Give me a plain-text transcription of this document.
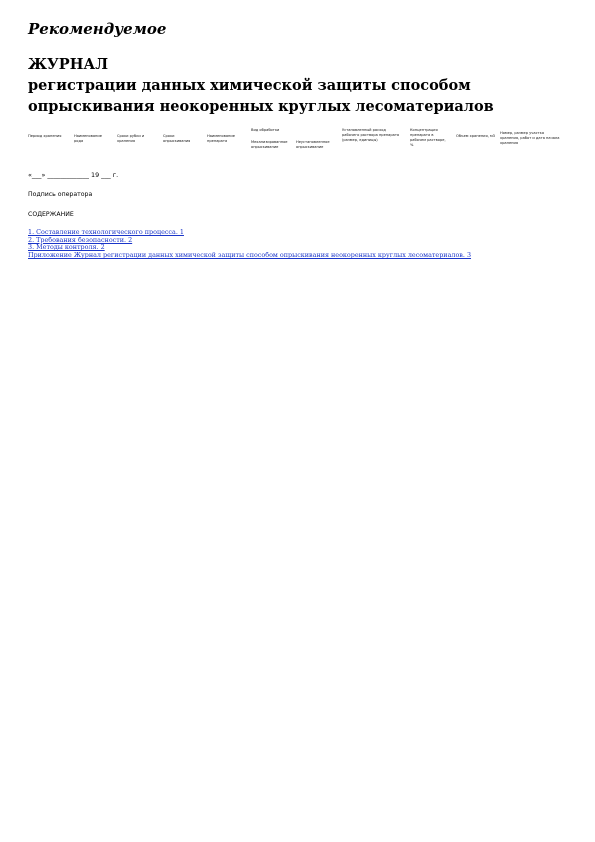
Рекомендуемое
ЖУРНАЛ
регистрации данных химической защиты способом
опрыскивания неокоренных круглых лесоматериалов
Период хранения	Наименование рода
Сроки рубки и хранения
Сроки опрыскивания
Наименование препарата
Вид обработки
Механизированное опрыскивание
Неустановленное опрыскивание
Установленный расход рабочего раствора препарата (размер, единицы)
Концентрация препарата в рабочем растворе, %
Объем хранения, м3
Номер, размер участка хранения, работ и дата начала хранения
«___» _____________ 19 ___ г.
Подпись оператора
СОДЕРЖАНИЕ
1. Составление технологического процесса. 1
2. Требования безопасности. 2
3. Методы контроля. 2
Приложение Журнал регистрации данных химической защиты способом опрыскивания неокоренных круглых лесоматериалов. 3
